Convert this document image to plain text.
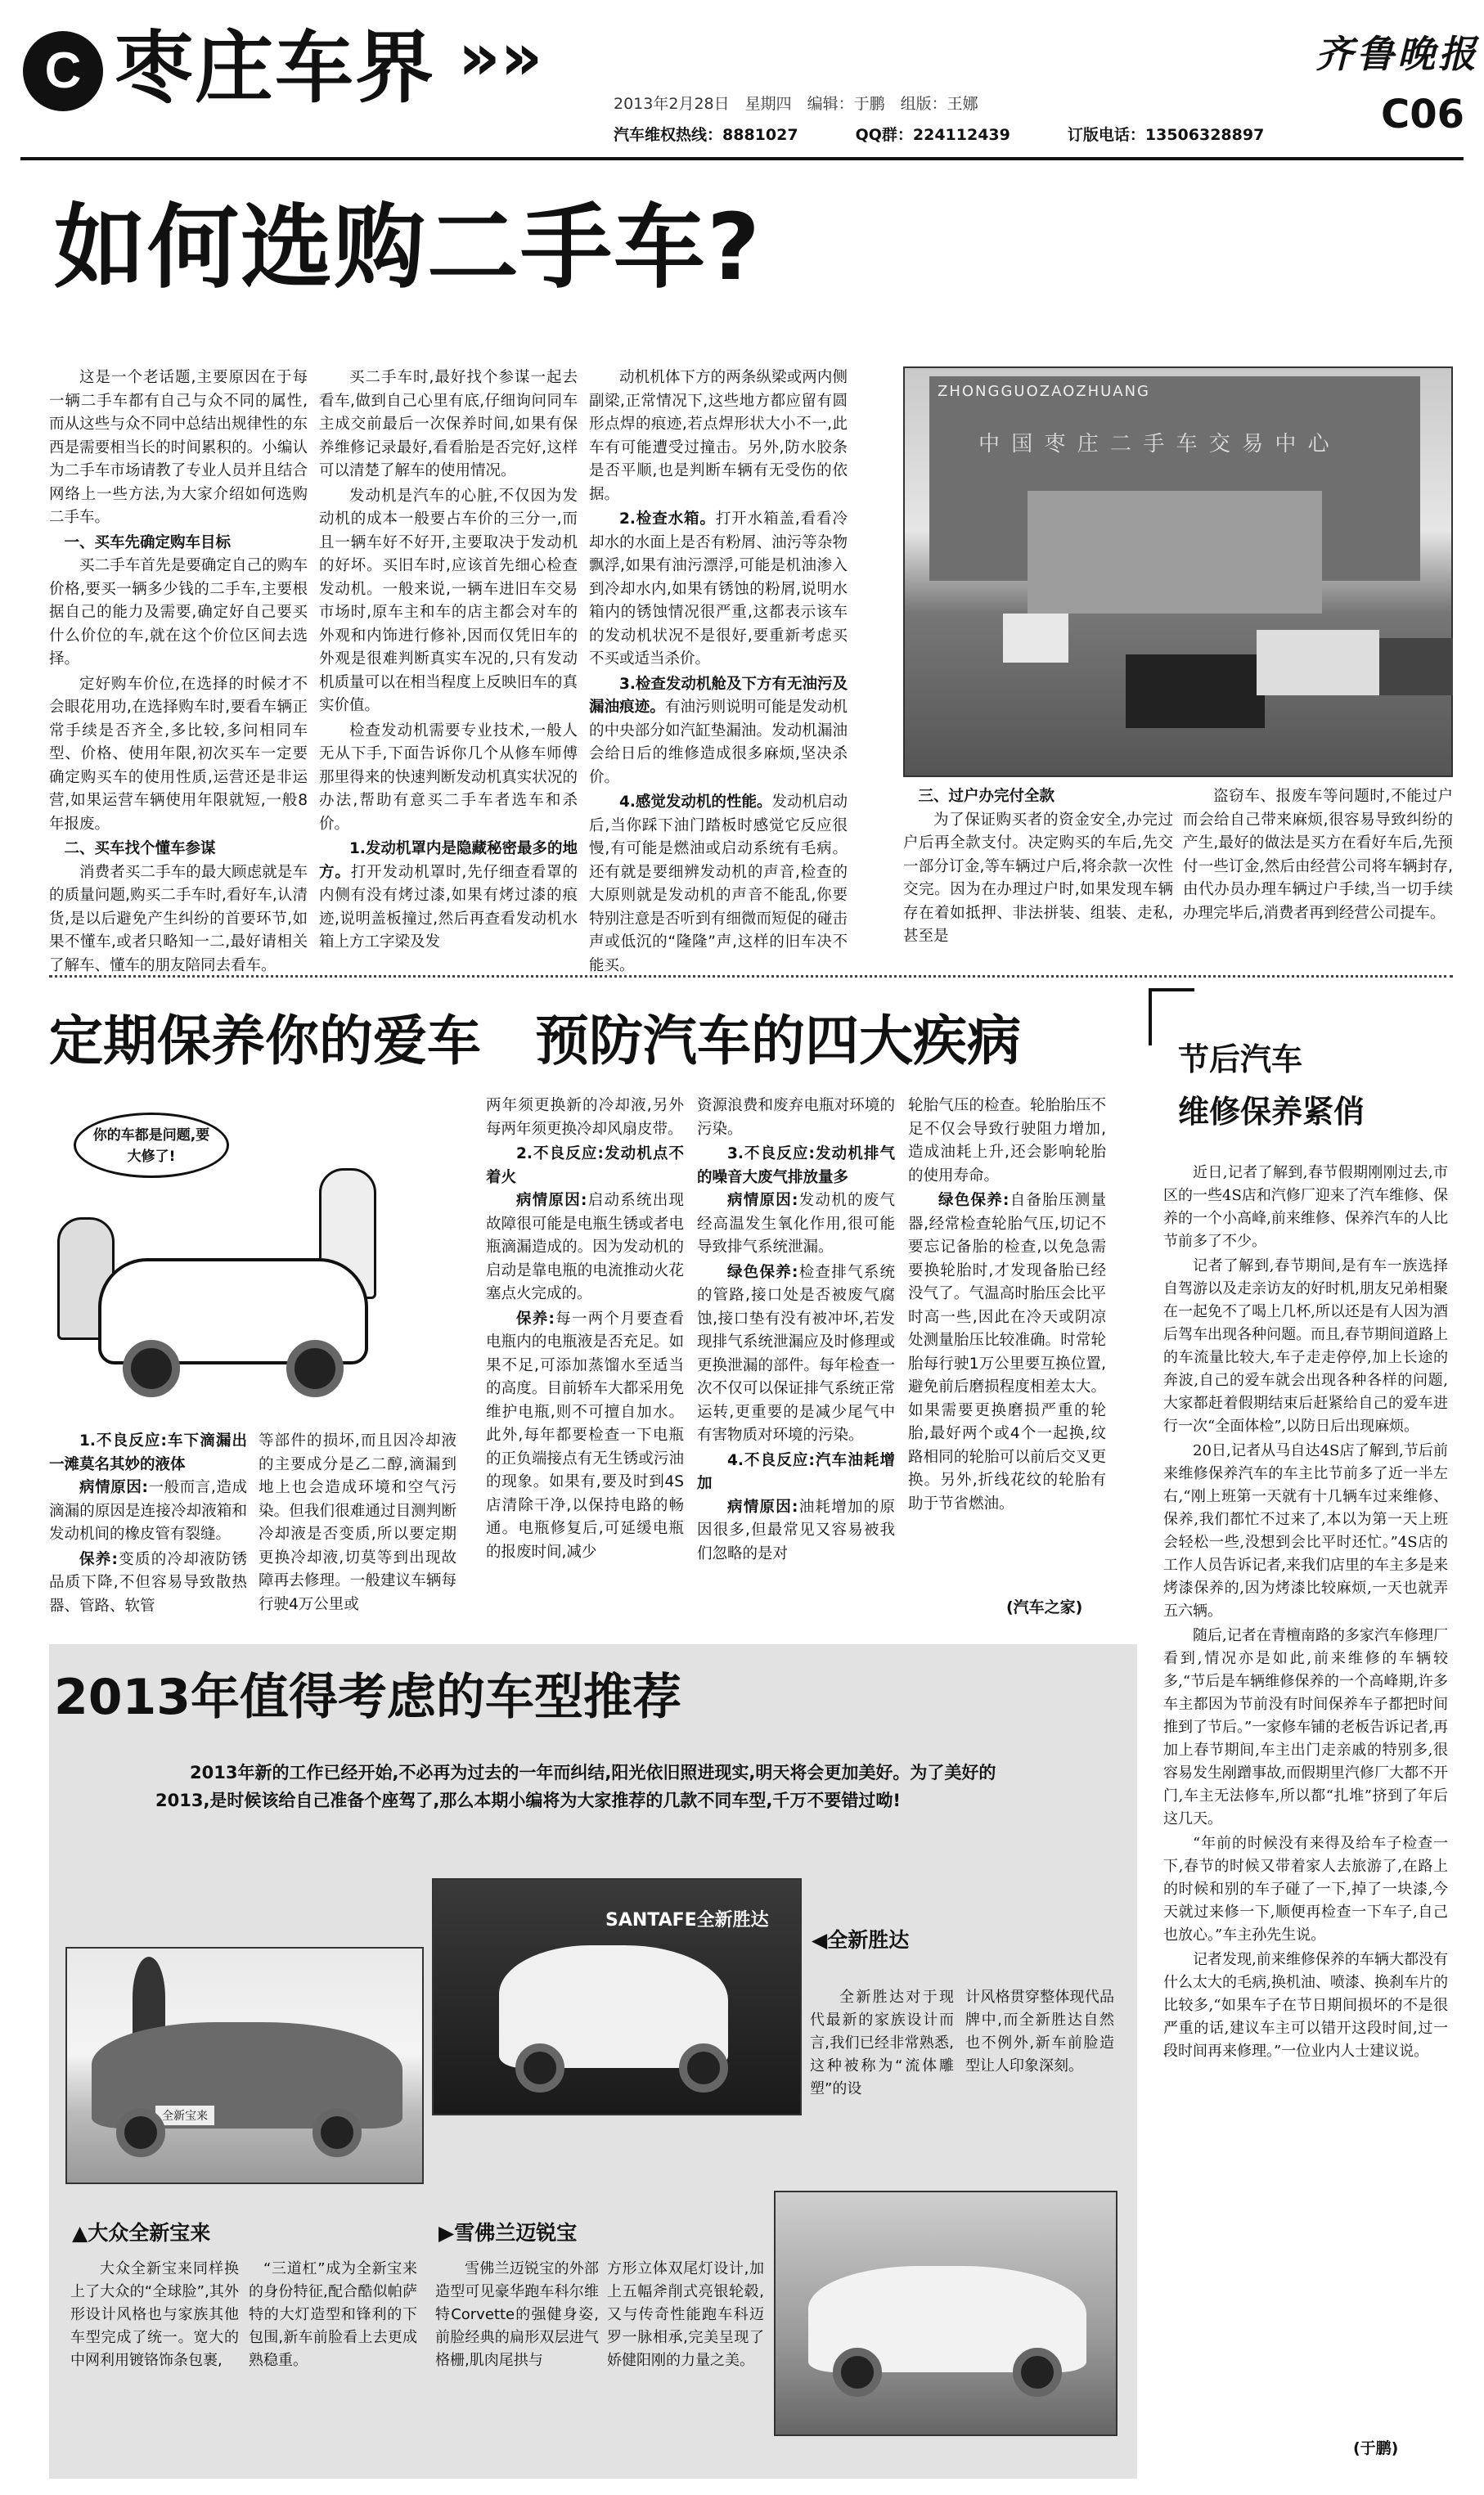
C 枣庄车界 »»
2013年2月28日　星期四　编辑：于鹏　组版：王娜
汽车维权热线：8881027	QQ群：224112439	订版电话：13506328897
齐鲁晚报
C06
如何选购二手车?

这是一个老话题,主要原因在于每一辆二手车都有自己与众不同的属性,而从这些与众不同中总结出规律性的东西是需要相当长的时间累积的。小编认为二手车市场请教了专业人员并且结合网络上一些方法,为大家介绍如何选购二手车。

一、买车先确定购车目标

买二手车首先是要确定自己的购车价格,要买一辆多少钱的二手车,主要根据自己的能力及需要,确定好自己要买什么价位的车,就在这个价位区间去选择。

定好购车价位,在选择的时候才不会眼花用功,在选择购车时,要看车辆正常手续是否齐全,多比较,多问相同车型、价格、使用年限,初次买车一定要确定购买车的使用性质,运营还是非运营,如果运营车辆使用年限就短,一般8年报废。

二、买车找个懂车参谋

消费者买二手车的最大顾虑就是车的质量问题,购买二手车时,看好车,认清货,是以后避免产生纠纷的首要环节,如果不懂车,或者只略知一二,最好请相关了解车、懂车的朋友陪同去看车。

买二手车时,最好找个参谋一起去看车,做到自己心里有底,仔细询问同车主成交前最后一次保养时间,如果有保养维修记录最好,看看胎是否完好,这样可以清楚了解车的使用情况。

发动机是汽车的心脏,不仅因为发动机的成本一般要占车价的三分一,而且一辆车好不好开,主要取决于发动机的好坏。买旧车时,应该首先细心检查发动机。一般来说,一辆车进旧车交易市场时,原车主和车的店主都会对车的外观和内饰进行修补,因而仅凭旧车的外观是很难判断真实车况的,只有发动机质量可以在相当程度上反映旧车的真实价值。

检查发动机需要专业技术,一般人无从下手,下面告诉你几个从修车师傅那里得来的快速判断发动机真实状况的办法,帮助有意买二手车者选车和杀价。

1.发动机罩内是隐藏秘密最多的地方。打开发动机罩时,先仔细查看罩的内侧有没有烤过漆,如果有烤过漆的痕迹,说明盖板撞过,然后再查看发动机水箱上方工字梁及发

动机机体下方的两条纵梁或两内侧副梁,正常情况下,这些地方都应留有圆形点焊的痕迹,若点焊形状大小不一,此车有可能遭受过撞击。另外,防水胶条是否平顺,也是判断车辆有无受伤的依据。

2.检查水箱。打开水箱盖,看看冷却水的水面上是否有粉屑、油污等杂物飘浮,如果有油污漂浮,可能是机油渗入到冷却水内,如果有锈蚀的粉屑,说明水箱内的锈蚀情况很严重,这都表示该车的发动机状况不是很好,要重新考虑买不买或适当杀价。

3.检查发动机舱及下方有无油污及漏油痕迹。有油污则说明可能是发动机的中央部分如汽缸垫漏油。发动机漏油会给日后的维修造成很多麻烦,坚决杀价。

4.感觉发动机的性能。发动机启动后,当你踩下油门踏板时感觉它反应很慢,有可能是燃油或启动系统有毛病。还有就是要细辨发动机的声音,检查的大原则就是发动机的声音不能乱,你要特别注意是否听到有细微而短促的碰击声或低沉的“隆隆”声,这样的旧车决不能买。

ZHONGGUOZAOZHUANG
中 国 枣 庄 二 手 车 交 易 中 心
三、过户办完付全款

为了保证购买者的资金安全,办完过户后再全款支付。决定购买的车后,先交一部分订金,等车辆过户后,将余款一次性交完。因为在办理过户时,如果发现车辆存在着如抵押、非法拼装、组装、走私,甚至是

盗窃车、报废车等问题时,不能过户而会给自己带来麻烦,很容易导致纠纷的产生,最好的做法是买方在看好车后,先预付一些订金,然后由经营公司将车辆封存,由代办员办理车辆过户手续,当一切手续办理完毕后,消费者再到经营公司提车。

定期保养你的爱车　预防汽车的四大疾病
你的车都是问题,要大修了!
1.不良反应:车下滴漏出一滩莫名其妙的液体

病情原因:一般而言,造成滴漏的原因是连接冷却液箱和发动机间的橡皮管有裂缝。

保养:变质的冷却液防锈品质下降,不但容易导致散热器、管路、软管

等部件的损坏,而且因冷却液的主要成分是乙二醇,滴漏到地上也会造成环境和空气污染。但我们很难通过目测判断冷却液是否变质,所以要定期更换冷却液,切莫等到出现故障再去修理。一般建议车辆每行驶4万公里或

两年须更换新的冷却液,另外每两年须更换冷却风扇皮带。

2.不良反应:发动机点不着火

病情原因:启动系统出现故障很可能是电瓶生锈或者电瓶滴漏造成的。因为发动机的启动是靠电瓶的电流推动火花塞点火完成的。

保养:每一两个月要查看电瓶内的电瓶液是否充足。如果不足,可添加蒸馏水至适当的高度。目前轿车大都采用免维护电瓶,则不可擅自加水。此外,每年都要检查一下电瓶的正负端接点有无生锈或污油的现象。如果有,要及时到4S店清除干净,以保持电路的畅通。电瓶修复后,可延缓电瓶的报废时间,减少

资源浪费和废弃电瓶对环境的污染。

3.不良反应:发动机排气的噪音大废气排放量多

病情原因:发动机的废气经高温发生氧化作用,很可能导致排气系统泄漏。

绿色保养:检查排气系统的管路,接口处是否被废气腐蚀,接口垫有没有被冲坏,若发现排气系统泄漏应及时修理或更换泄漏的部件。每年检查一次不仅可以保证排气系统正常运转,更重要的是减少尾气中有害物质对环境的污染。

4.不良反应:汽车油耗增加

病情原因:油耗增加的原因很多,但最常见又容易被我们忽略的是对

轮胎气压的检查。轮胎胎压不足不仅会导致行驶阻力增加,造成油耗上升,还会影响轮胎的使用寿命。

绿色保养:自备胎压测量器,经常检查轮胎气压,切记不要忘记备胎的检查,以免急需要换轮胎时,才发现备胎已经没气了。气温高时胎压会比平时高一些,因此在冷天或阴凉处测量胎压比较准确。时常轮胎每行驶1万公里要互换位置,避免前后磨损程度相差太大。如果需要更换磨损严重的轮胎,最好两个或4个一起换,纹路相同的轮胎可以前后交叉更换。另外,折线花纹的轮胎有助于节省燃油。

(汽车之家)
节后汽车
维修保养紧俏

近日,记者了解到,春节假期刚刚过去,市区的一些4S店和汽修厂迎来了汽车维修、保养的一个小高峰,前来维修、保养汽车的人比节前多了不少。

记者了解到,春节期间,是有车一族选择自驾游以及走亲访友的好时机,朋友兄弟相聚在一起免不了喝上几杯,所以还是有人因为酒后驾车出现各种问题。而且,春节期间道路上的车流量比较大,车子走走停停,加上长途的奔波,自己的爱车就会出现各种各样的问题,大家都赶着假期结束后赶紧给自己的爱车进行一次“全面体检”,以防日后出现麻烦。

20日,记者从马自达4S店了解到,节后前来维修保养汽车的车主比节前多了近一半左右,“刚上班第一天就有十几辆车过来维修、保养,我们都忙不过来了,本以为第一天上班会轻松一些,没想到会比平时还忙。”4S店的工作人员告诉记者,来我们店里的车主多是来烤漆保养的,因为烤漆比较麻烦,一天也就弄五六辆。

随后,记者在青檀南路的多家汽车修理厂看到,情况亦是如此,前来维修的车辆较多,“节后是车辆维修保养的一个高峰期,许多车主都因为节前没有时间保养车子都把时间推到了节后。”一家修车铺的老板告诉记者,再加上春节期间,车主出门走亲戚的特别多,很容易发生剐蹭事故,而假期里汽修厂大都不开门,车主无法修车,所以都“扎堆”挤到了年后这几天。

“年前的时候没有来得及给车子检查一下,春节的时候又带着家人去旅游了,在路上的时候和别的车子碰了一下,掉了一块漆,今天就过来修一下,顺便再检查一下车子,自己也放心。”车主孙先生说。

记者发现,前来维修保养的车辆大都没有什么太大的毛病,换机油、喷漆、换刹车片的比较多,“如果车子在节日期间损坏的不是很严重的话,建议车主可以错开这段时间,过一段时间再来修理。”一位业内人士建议说。

(于鹏)
2013年值得考虑的车型推荐
2013年新的工作已经开始,不必再为过去的一年而纠结,阳光依旧照进现实,明天将会更加美好。为了美好的2013,是时候该给自己准备个座驾了,那么本期小编将为大家推荐的几款不同车型,千万不要错过呦!
SANTAFE全新胜达
◀全新胜达
全新胜达对于现代最新的家族设计而言,我们已经非常熟悉,这种被称为“流体雕塑”的设
计风格贯穿整体现代品牌中,而全新胜达自然也不例外,新车前脸造型让人印象深刻。
全新宝来
▲大众全新宝来
大众全新宝来同样换上了大众的“全球脸”,其外形设计风格也与家族其他车型完成了统一。宽大的中网利用镀铬饰条包裹,
“三道杠”成为全新宝来的身份特征,配合酷似帕萨特的大灯造型和锋利的下包围,新车前脸看上去更成熟稳重。
▶雪佛兰迈锐宝
雪佛兰迈锐宝的外部造型可见豪华跑车科尔维特Corvette的强健身姿,前脸经典的扁形双层进气格栅,肌肉尾拱与
方形立体双尾灯设计,加上五幅斧削式亮银轮毂,又与传奇性能跑车科迈罗一脉相承,完美呈现了娇健阳刚的力量之美。
